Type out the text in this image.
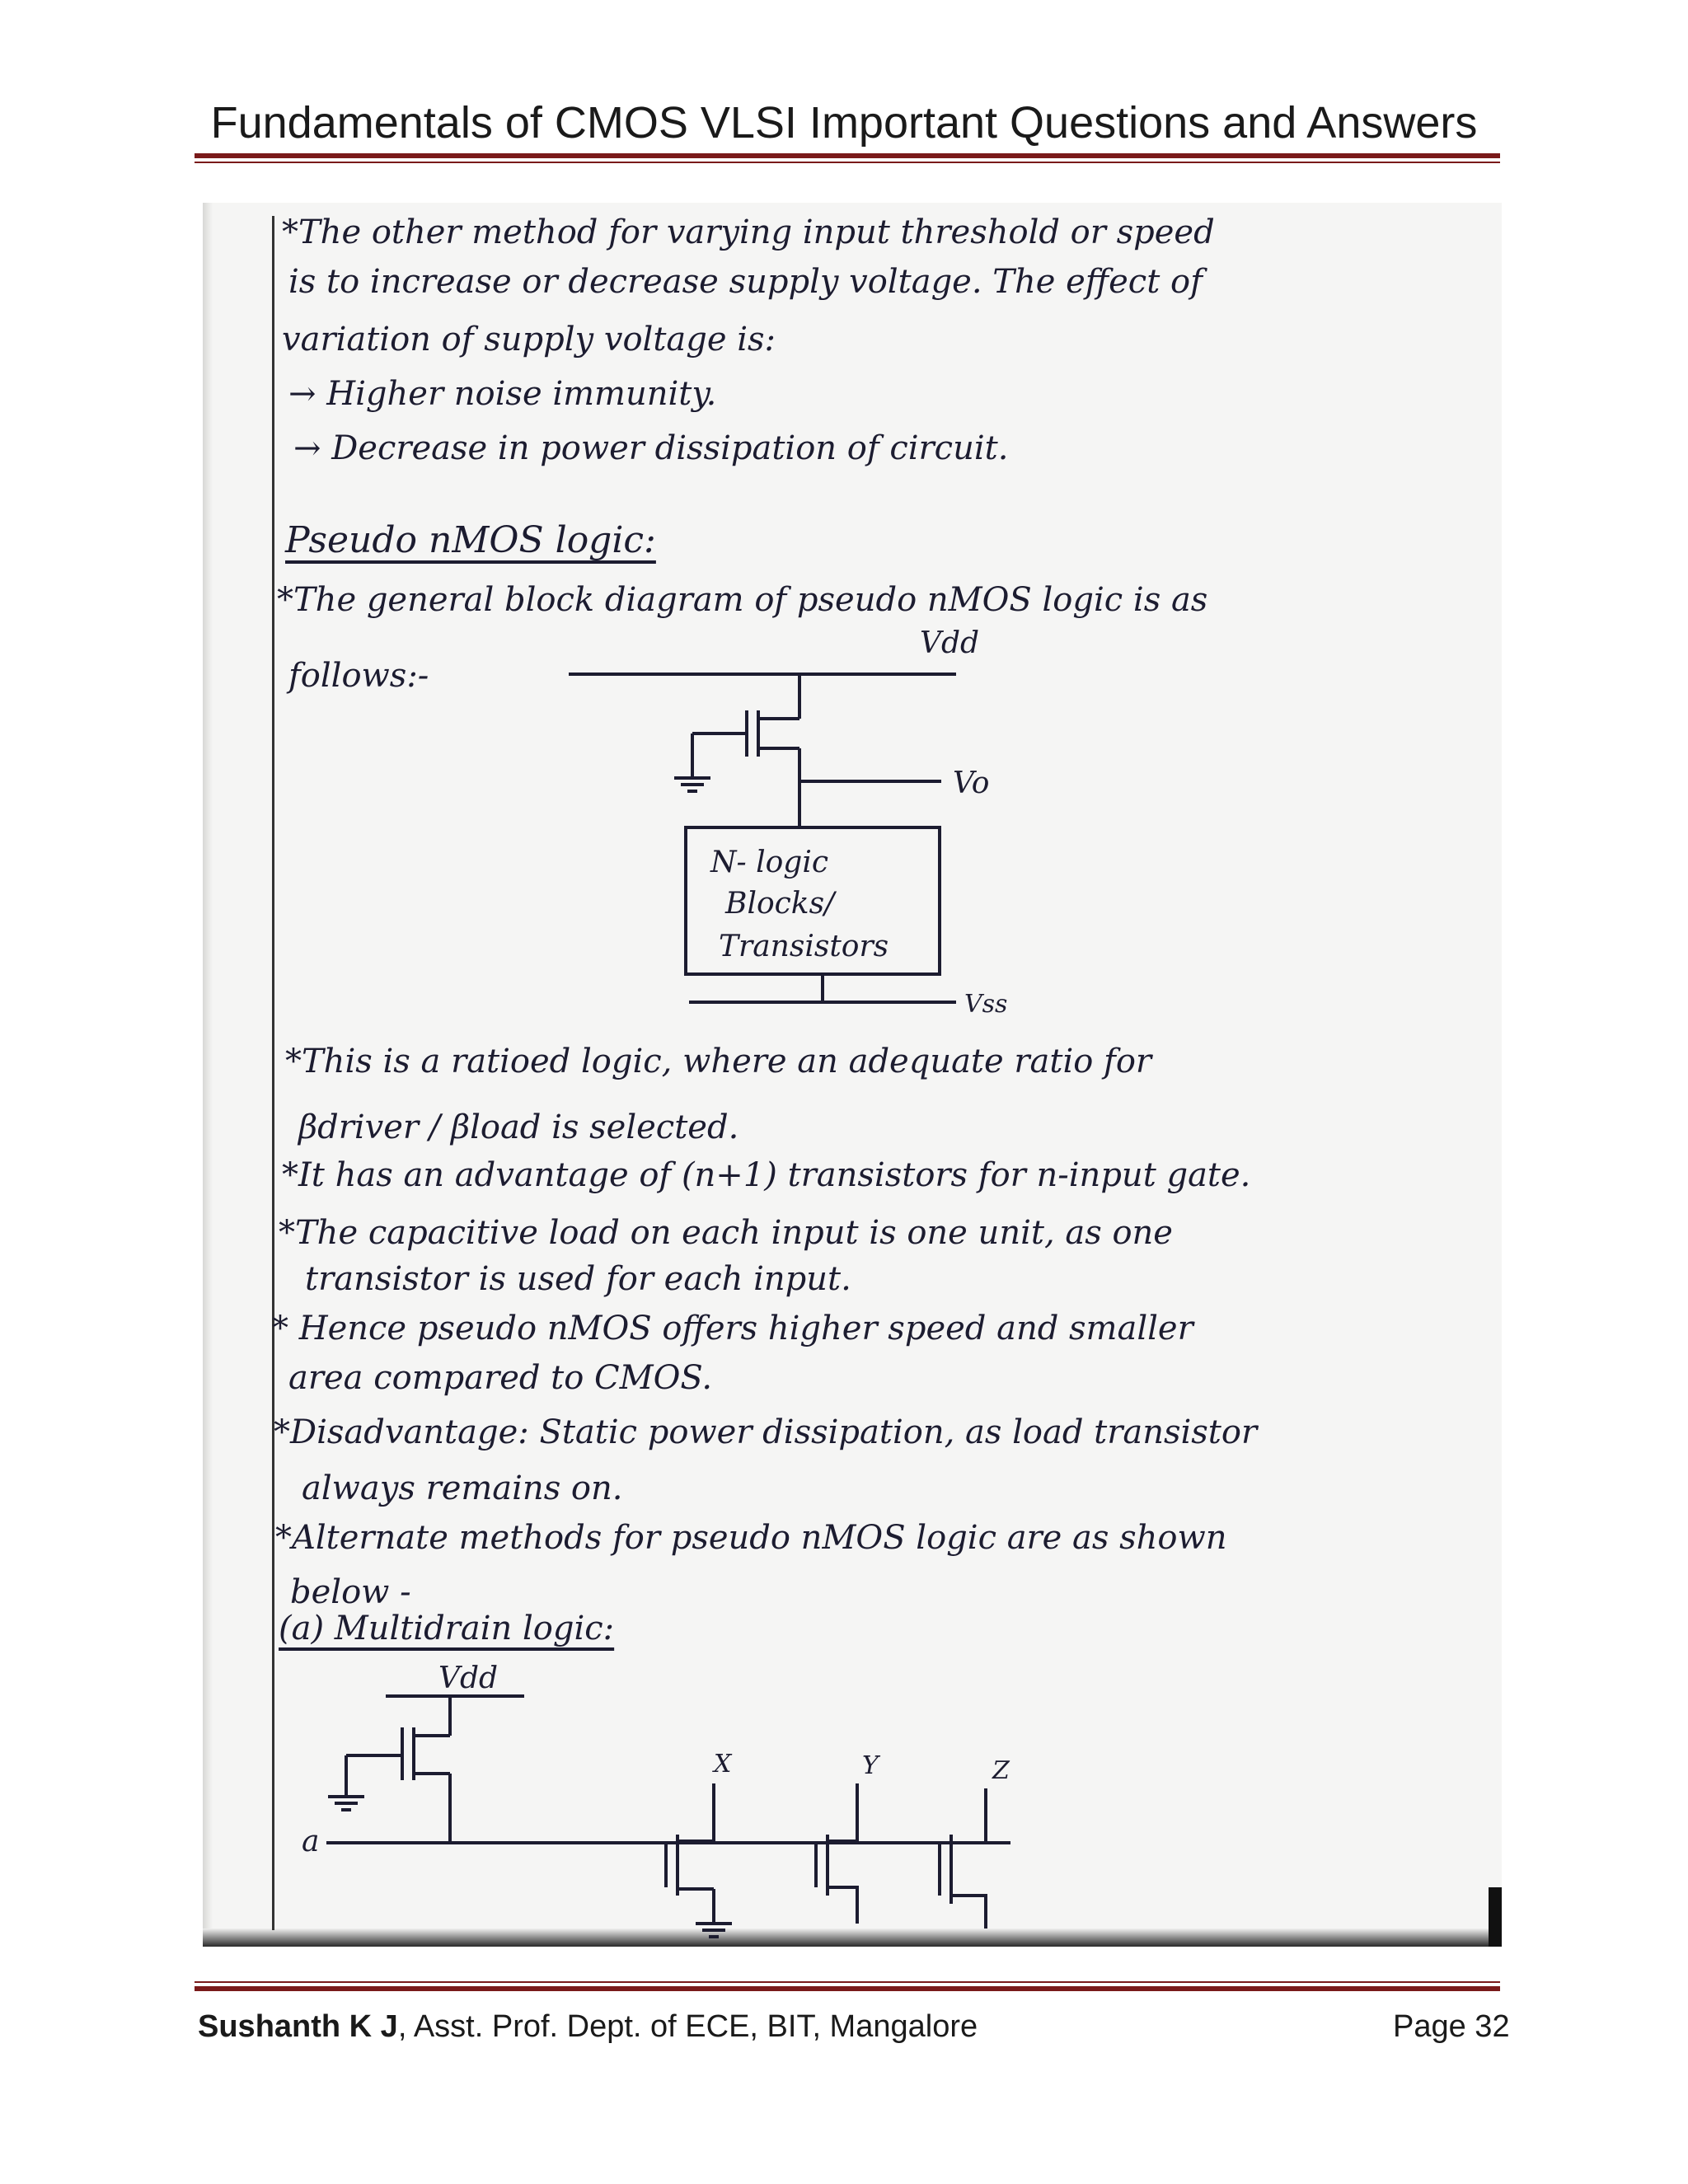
Fundamentals of CMOS VLSI Important Questions and Answers
*The other method for varying input threshold or speed
is to increase or decrease supply voltage. The effect of
variation of supply voltage is:
→ Higher noise immunity.
→ Decrease in power dissipation of circuit.
Pseudo nMOS logic:
*The general block diagram of pseudo nMOS logic is as
follows:-
*This is a ratioed logic, where an adequate ratio for
βdriver / βload is selected.
*It has an advantage of (n+1) transistors for n-input gate.
*The capacitive load on each input is one unit, as one
transistor is used for each input.
* Hence pseudo nMOS offers higher speed and smaller
area compared to CMOS.
*Disadvantage: Static power dissipation, as load transistor
always remains on.
*Alternate methods for pseudo nMOS logic are as shown
below -
(a) Multidrain logic:
Vdd
Vo
N- logic
Blocks/
Transistors
Vss
Vdd
a
X	Y	Z
Sushanth K J, Asst. Prof. Dept. of ECE, BIT, Mangalore	Page 32
